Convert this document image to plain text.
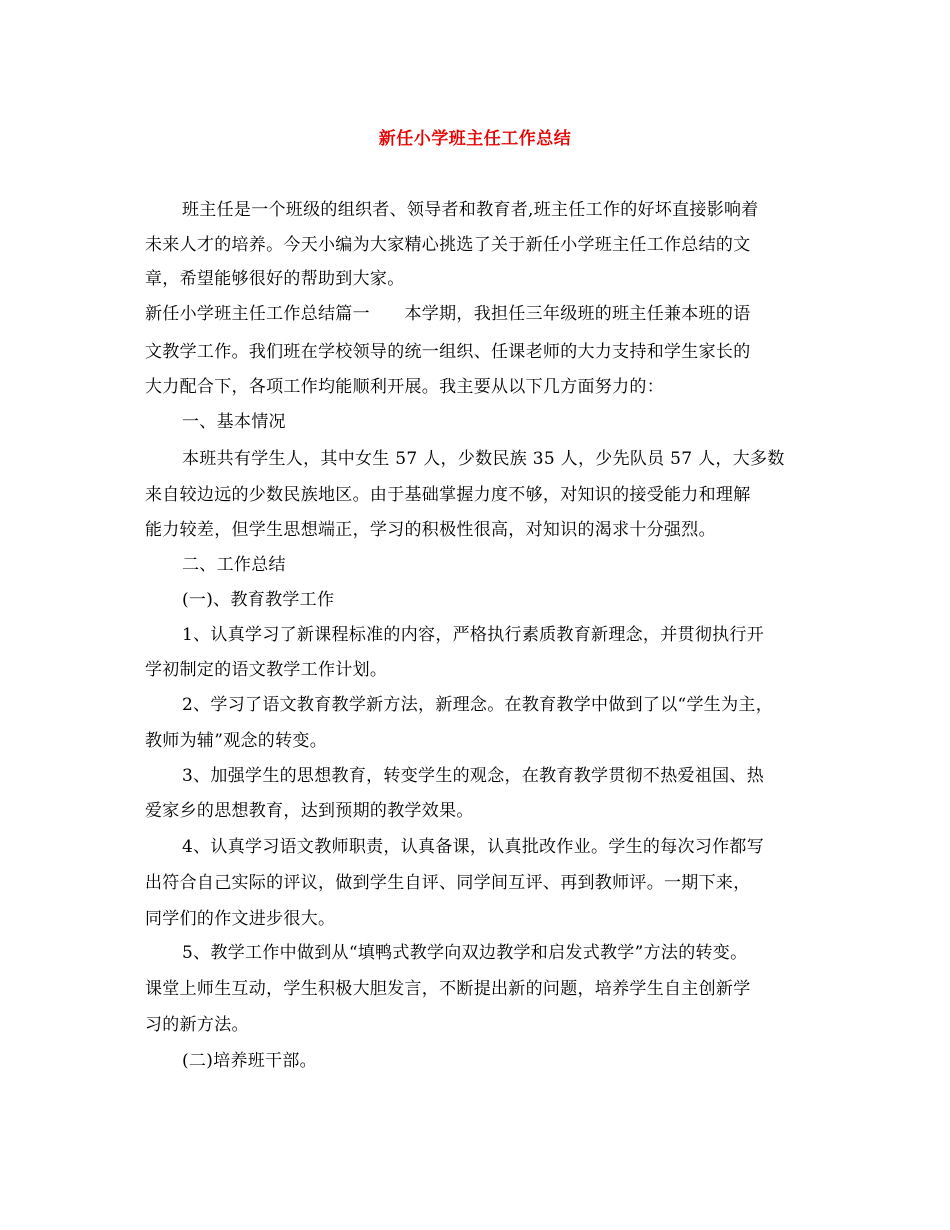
新任小学班主任工作总结
班主任是一个班级的组织者、领导者和教育者,班主任工作的好坏直接影响着
未来人才的培养。今天小编为大家精心挑选了关于新任小学班主任工作总结的文
章，希望能够很好的帮助到大家。
新任小学班主任工作总结篇一　　本学期，我担任三年级班的班主任兼本班的语
文教学工作。我们班在学校领导的统一组织、任课老师的大力支持和学生家长的
大力配合下，各项工作均能顺利开展。我主要从以下几方面努力的：
一、基本情况
本班共有学生人，其中女生 57 人，少数民族 35 人，少先队员 57 人，大多数
来自较边远的少数民族地区。由于基础掌握力度不够，对知识的接受能力和理解
能力较差，但学生思想端正，学习的积极性很高，对知识的渴求十分强烈。
二、工作总结
(一)、教育教学工作
1、认真学习了新课程标准的内容，严格执行素质教育新理念，并贯彻执行开
学初制定的语文教学工作计划。
2、学习了语文教育教学新方法，新理念。在教育教学中做到了以“学生为主，
教师为辅”观念的转变。
3、加强学生的思想教育，转变学生的观念，在教育教学贯彻不热爱祖国、热
爱家乡的思想教育，达到预期的教学效果。
4、认真学习语文教师职责，认真备课，认真批改作业。学生的每次习作都写
出符合自己实际的评议，做到学生自评、同学间互评、再到教师评。一期下来，
同学们的作文进步很大。
5、教学工作中做到从“填鸭式教学向双边教学和启发式教学”方法的转变。
课堂上师生互动，学生积极大胆发言，不断提出新的问题，培养学生自主创新学
习的新方法。
(二)培养班干部。
